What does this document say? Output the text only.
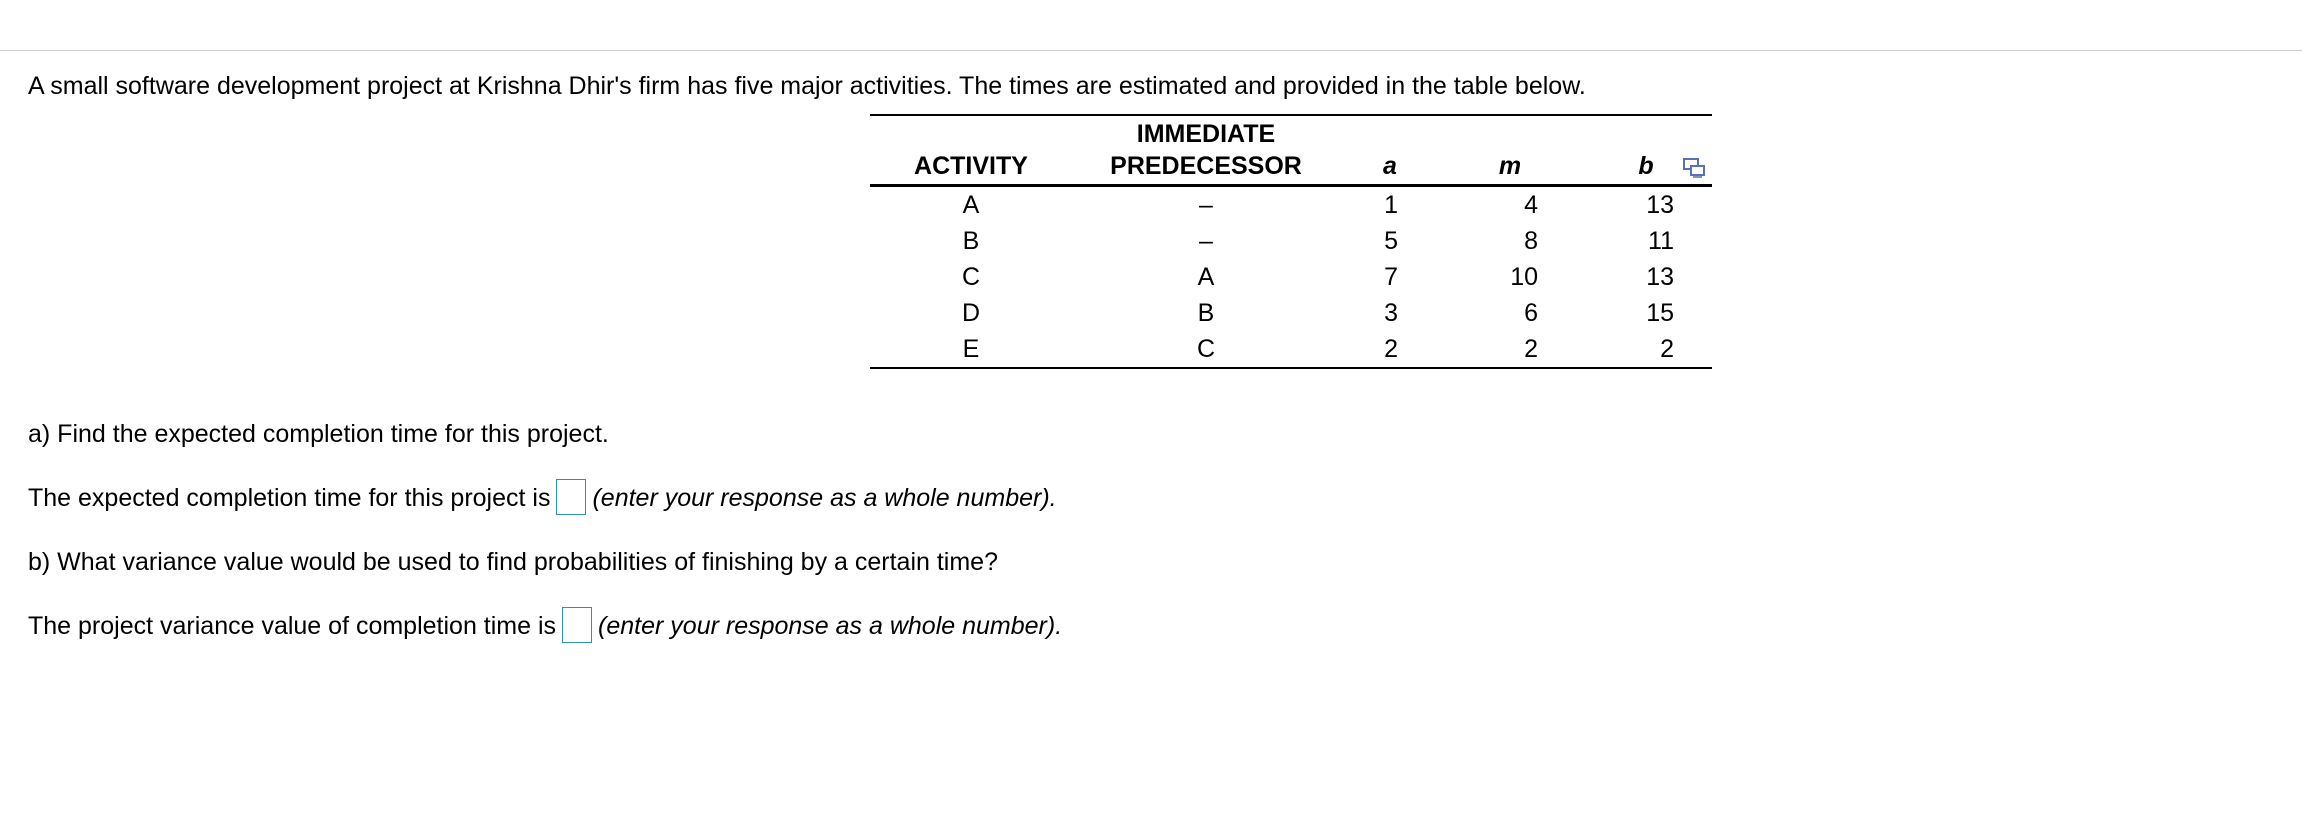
A small software development project at Krishna Dhir's firm has five major activities. The times are estimated and provided in the table below.

	IMMEDIATE			
ACTIVITY	PREDECESSOR	a	m	b
A	–	1	4	13
B	–	5	8	11
C	A	7	10	13
D	B	3	6	15
E	C	2	2	2
a) Find the expected completion time for this project.
The expected completion time for this project is (enter your response as a whole number).
b) What variance value would be used to find probabilities of finishing by a certain time?
The project variance value of completion time is (enter your response as a whole number).
